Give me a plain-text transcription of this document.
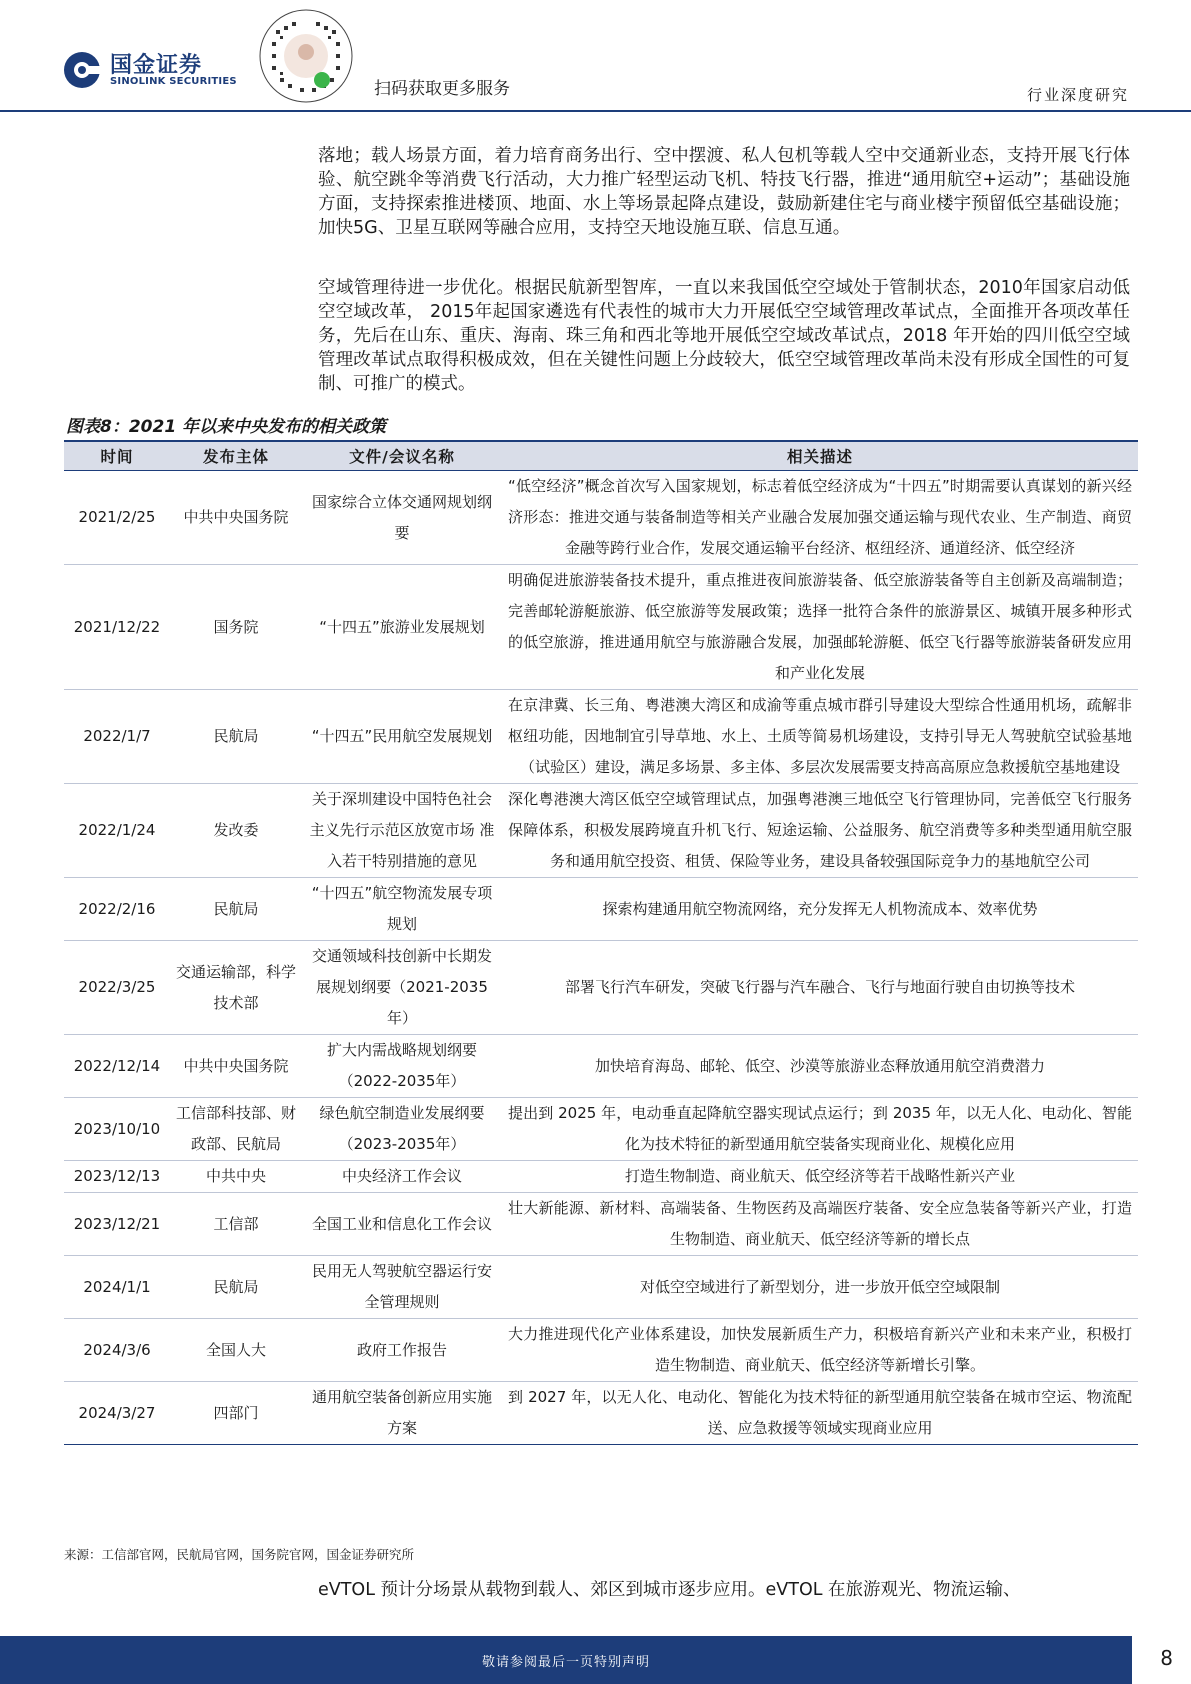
国金证券
SINOLINK SECURITIES	扫码获取更多服务	行业深度研究
落地；载人场景方面，着力培育商务出行、空中摆渡、私人包机等载人空中交通新业态，支持开展飞行体验、航空跳伞等消费飞行活动，大力推广轻型运动飞机、特技飞行器，推进“通用航空+运动”；基础设施方面，支持探索推进楼顶、地面、水上等场景起降点建设，鼓励新建住宅与商业楼宇预留低空基础设施；加快5G、卫星互联网等融合应用，支持空天地设施互联、信息互通。
空域管理待进一步优化。根据民航新型智库，一直以来我国低空空域处于管制状态，2010年国家启动低空空域改革， 2015年起国家遴选有代表性的城市大力开展低空空域管理改革试点，全面推开各项改革任务，先后在山东、重庆、海南、珠三角和西北等地开展低空空域改革试点，2018 年开始的四川低空空域管理改革试点取得积极成效，但在关键性问题上分歧较大，低空空域管理改革尚未没有形成全国性的可复制、可推广的模式。
图表8：2021 年以来中央发布的相关政策
时间	发布主体	文件/会议名称	相关描述
2021/2/25	中共中央国务院	国家综合立体交通网规划纲要	“低空经济”概念首次写入国家规划，标志着低空经济成为“十四五”时期需要认真谋划的新兴经济形态：推进交通与装备制造等相关产业融合发展加强交通运输与现代农业、生产制造、商贸金融等跨行业合作，发展交通运输平台经济、枢纽经济、通道经济、低空经济
2021/12/22	国务院	“十四五”旅游业发展规划	明确促进旅游装备技术提升，重点推进夜间旅游装备、低空旅游装备等自主创新及高端制造；完善邮轮游艇旅游、低空旅游等发展政策；选择一批符合条件的旅游景区、城镇开展多种形式的低空旅游，推进通用航空与旅游融合发展，加强邮轮游艇、低空飞行器等旅游装备研发应用和产业化发展
2022/1/7	民航局	“十四五”民用航空发展规划	在京津冀、长三角、粤港澳大湾区和成渝等重点城市群引导建设大型综合性通用机场，疏解非枢纽功能，因地制宜引导草地、水上、土质等简易机场建设，支持引导无人驾驶航空试验基地（试验区）建设，满足多场景、多主体、多层次发展需要支持高高原应急救援航空基地建设
2022/1/24	发改委	关于深圳建设中国特色社会主义先行示范区放宽市场 准入若干特别措施的意见	深化粤港澳大湾区低空空域管理试点，加强粤港澳三地低空飞行管理协同，完善低空飞行服务保障体系，积极发展跨境直升机飞行、短途运输、公益服务、航空消费等多种类型通用航空服务和通用航空投资、租赁、保险等业务，建设具备较强国际竞争力的基地航空公司
2022/2/16	民航局	“十四五”航空物流发展专项规划	探索构建通用航空物流网络，充分发挥无人机物流成本、效率优势
2022/3/25	交通运输部，科学技术部	交通领域科技创新中长期发展规划纲要（2021-2035年）	部署飞行汽车研发，突破飞行器与汽车融合、飞行与地面行驶自由切换等技术
2022/12/14	中共中央国务院	扩大内需战略规划纲要（2022-2035年）	加快培育海岛、邮轮、低空、沙漠等旅游业态释放通用航空消费潜力
2023/10/10	工信部科技部、财政部、民航局	绿色航空制造业发展纲要（2023-2035年）	提出到 2025 年，电动垂直起降航空器实现试点运行；到 2035 年，以无人化、电动化、智能化为技术特征的新型通用航空装备实现商业化、规模化应用
2023/12/13	中共中央	中央经济工作会议	打造生物制造、商业航天、低空经济等若干战略性新兴产业
2023/12/21	工信部	全国工业和信息化工作会议	壮大新能源、新材料、高端装备、生物医药及高端医疗装备、安全应急装备等新兴产业，打造生物制造、商业航天、低空经济等新的增长点
2024/1/1	民航局	民用无人驾驶航空器运行安全管理规则	对低空空域进行了新型划分，进一步放开低空空域限制
2024/3/6	全国人大	政府工作报告	大力推进现代化产业体系建设，加快发展新质生产力，积极培育新兴产业和未来产业，积极打造生物制造、商业航天、低空经济等新增长引擎。
2024/3/27	四部门	通用航空装备创新应用实施方案	到 2027 年，以无人化、电动化、智能化为技术特征的新型通用航空装备在城市空运、物流配送、应急救援等领域实现商业应用
来源：工信部官网，民航局官网，国务院官网，国金证券研究所
eVTOL 预计分场景从载物到载人、郊区到城市逐步应用。eVTOL 在旅游观光、物流运输、
敬请参阅最后一页特别声明	8
